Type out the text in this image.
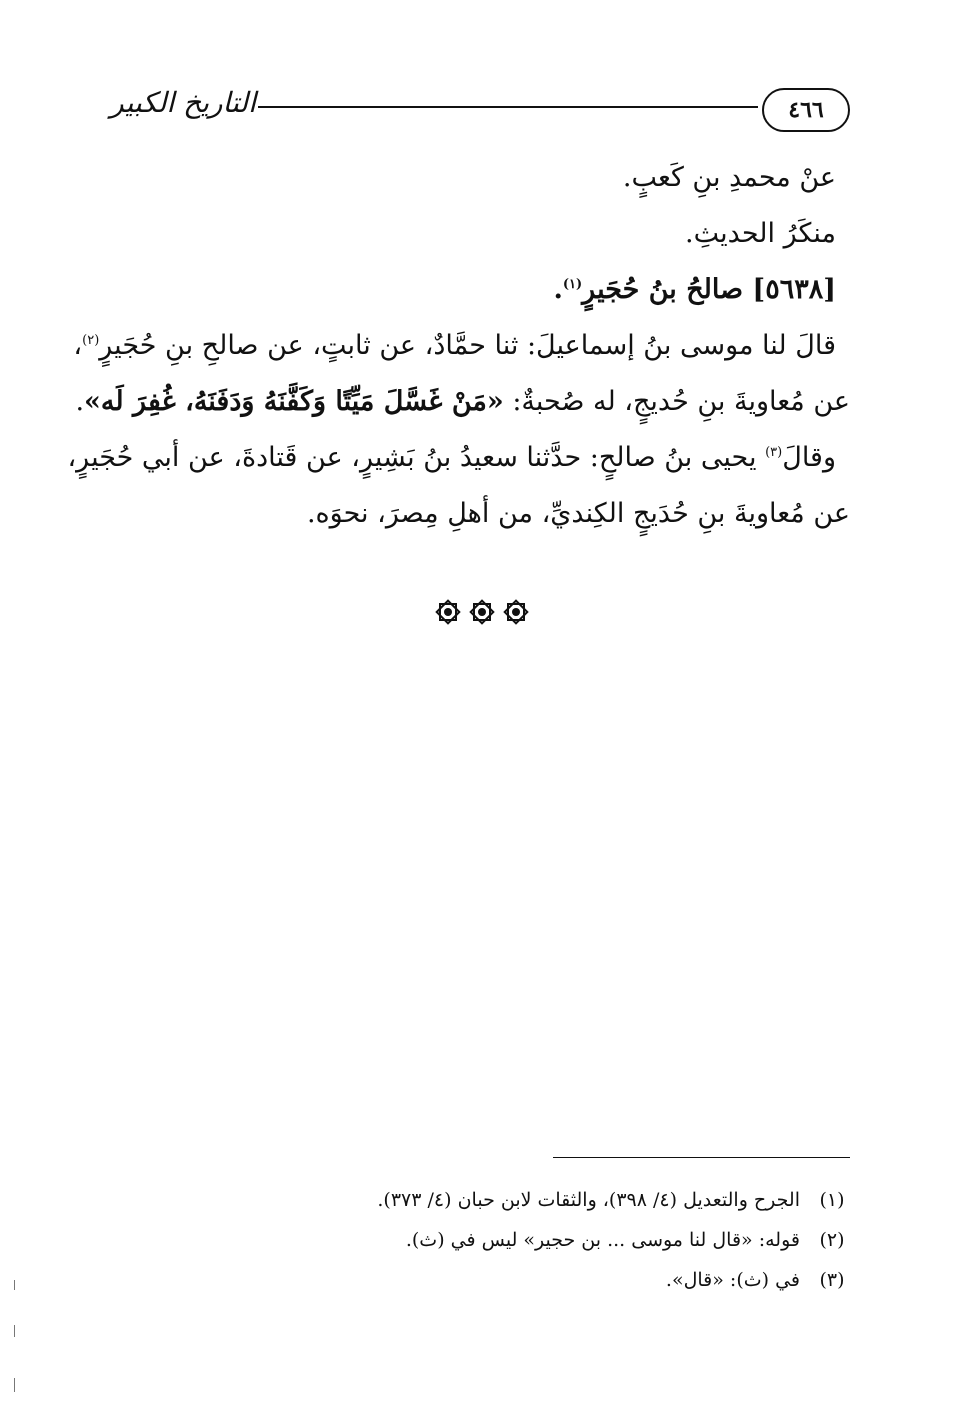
٤٦٦
التاريخ الكبير
عنْ محمدِ بنِ كَعبٍ.
منكَرُ الحديثِ.
[٥٦٣٨] صالحُ بنُ حُجَيرٍ$^{(١)}$.
قالَ لنا موسى بنُ إسماعيلَ: ثنا حمَّادٌ، عن ثابتٍ، عن صالحِ بنِ حُجَيرٍ$^{(٢)}$،
عن مُعاويةَ بنِ حُديجٍ، له صُحبةٌ: «مَنْ غَسَّلَ مَيِّتًا وَكَفَّنَهُ وَدَفَنَهُ، غُفِرَ لَه».
وقالَ$^{(٣)}$ يحيى بنُ صالحٍ: حدَّثنا سعيدُ بنُ بَشِيرٍ، عن قَتادةَ، عن أبي حُجَيرٍ،
عن مُعاويةَ بنِ حُدَيجٍ الكِنديِّ، من أهلِ مِصرَ، نحوَه.
(١)
الجرح والتعديل (٤/ ٣٩٨)، والثقات لابن حبان (٤/ ٣٧٣).
(٢)
قوله: «قال لنا موسى ... بن حجير» ليس في (ث).
(٣)
في (ث): «قال».
